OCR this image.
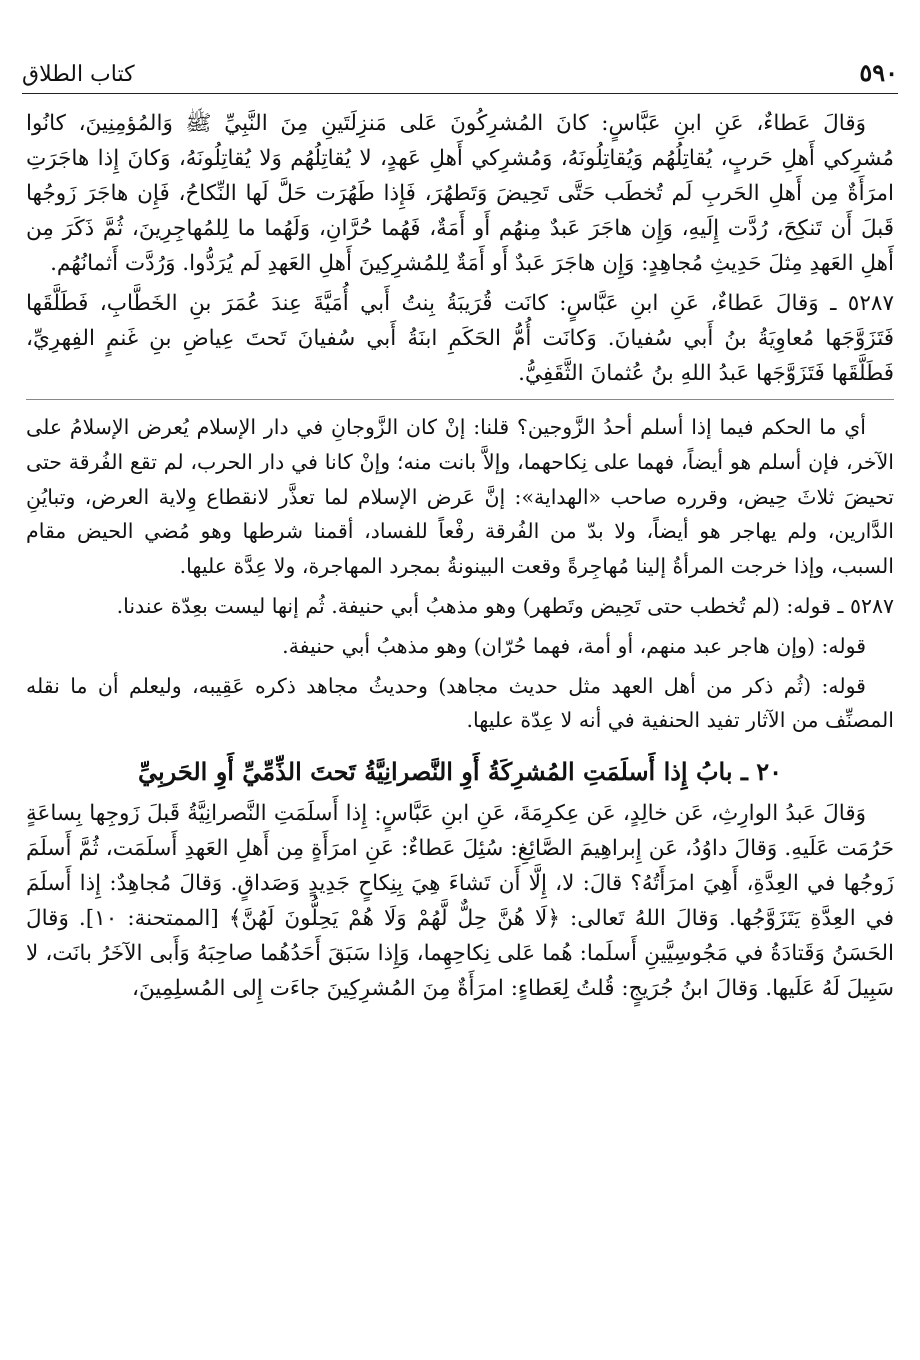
كتاب الطلاق	٥٩٠

وَقالَ عَطاءٌ، عَنِ ابنِ عَبَّاسٍ: كانَ المُشرِكُونَ عَلى مَنزِلَتَينِ مِنَ النَّبِيِّ ﷺ وَالمُؤمِنِينَ، كانُوا مُشرِكي أَهلِ حَربٍ، يُقاتِلُهُم وَيُقاتِلُونَهُ، وَمُشرِكي أَهلِ عَهدٍ، لا يُقاتِلُهُم وَلا يُقاتِلُونَهُ، وَكانَ إِذا هاجَرَتِ امرَأَةٌ مِن أَهلِ الحَربِ لَم تُخطَب حَتَّى تَحِيضَ وَتَطهُرَ، فَإِذا طَهُرَت حَلَّ لَها النِّكاحُ، فَإِن هاجَرَ زَوجُها قَبلَ أَن تَنكِحَ، رُدَّت إِلَيهِ، وَإِن هاجَرَ عَبدٌ مِنهُم أَو أَمَةٌ، فَهُما حُرَّانِ، وَلَهُما ما لِلمُهاجِرِينَ، ثُمَّ ذَكَرَ مِن أَهلِ العَهدِ مِثلَ حَدِيثِ مُجاهِدٍ: وَإِن هاجَرَ عَبدٌ أَو أَمَةٌ لِلمُشرِكِينَ أَهلِ العَهدِ لَم يُرَدُّوا. وَرُدَّت أَثمانُهُم.

٥٢٨٧ ـ وَقالَ عَطاءٌ، عَنِ ابنِ عَبَّاسٍ: كانَت قُرَيبَةُ بِنتُ أَبي أُمَيَّةَ عِندَ عُمَرَ بنِ الخَطَّابِ، فَطَلَّقَها فَتَزَوَّجَها مُعاوِيَةُ بنُ أَبي سُفيانَ. وَكانَت أُمُّ الحَكَمِ ابنَةُ أَبي سُفيانَ تَحتَ عِياضِ بنِ غَنمٍ الفِهرِيِّ، فَطَلَّقَها فَتَزَوَّجَها عَبدُ اللهِ بنُ عُثمانَ الثَّقَفِيُّ.

أي ما الحكم فيما إذا أسلم أحدُ الزَّوجين؟ قلنا: إنْ كان الزَّوجانِ في دار الإسلام يُعرض الإسلامُ على الآخر، فإن أسلم هو أيضاً، فهما على نِكاحهما، وإلاَّ بانت منه؛ وإنْ كانا في دار الحرب، لم تقع الفُرقة حتى تحيضَ ثلاثَ حِيض، وقرره صاحب «الهداية»: إنَّ عَرض الإسلام لما تعذَّر لانقطاع وِلاية العرض، وتبايُنِ الدَّارين، ولم يهاجر هو أيضاً، ولا بدّ من الفُرقة رفْعاً للفساد، أقمنا شرطها وهو مُضي الحيض مقام السبب، وإذا خرجت المرأةُ إلينا مُهاجِرةً وقعت البينونةُ بمجرد المهاجرة، ولا عِدَّة عليها.

٥٢٨٧ ـ قوله: (لم تُخطب حتى تَحِيض وتَطهر) وهو مذهبُ أبي حنيفة. ثُم إنها ليست بعِدّة عندنا.

قوله: (وإن هاجر عبد منهم، أو أمة، فهما حُرّان) وهو مذهبُ أبي حنيفة.

قوله: (ثُم ذكر من أهل العهد مثل حديث مجاهد) وحديثُ مجاهد ذكره عَقِيبه، وليعلم أن ما نقله المصنِّف من الآثار تفيد الحنفية في أنه لا عِدّة عليها.

٢٠ ـ بابُ إِذا أَسلَمَتِ المُشرِكَةُ أَوِ النَّصرانِيَّةُ تَحتَ الذِّمِّيِّ أَوِ الحَربِيِّ

وَقالَ عَبدُ الوارِثِ، عَن خالِدٍ، عَن عِكرِمَةَ، عَنِ ابنِ عَبَّاسٍ: إِذا أَسلَمَتِ النَّصرانِيَّةُ قَبلَ زَوجِها بِساعَةٍ حَرُمَت عَلَيهِ. وَقالَ داوُدُ، عَن إِبراهِيمَ الصَّائِغِ: سُئِلَ عَطاءٌ: عَنِ امرَأَةٍ مِن أَهلِ العَهدِ أَسلَمَت، ثُمَّ أَسلَمَ زَوجُها في العِدَّةِ، أَهِيَ امرَأَتُهُ؟ قالَ: لا، إِلَّا أَن تَشاءَ هِيَ بِنِكاحٍ جَدِيدٍ وَصَداقٍ. وَقالَ مُجاهِدٌ: إِذا أَسلَمَ في العِدَّةِ يَتَزَوَّجُها. وَقالَ اللهُ تَعالى: ﴿لَا هُنَّ حِلٌّ لَّهُمْ وَلَا هُمْ يَحِلُّونَ لَهُنَّ﴾ [الممتحنة: ١٠]. وَقالَ الحَسَنُ وَقَتادَةُ في مَجُوسِيَّينِ أَسلَما: هُما عَلى نِكاحِهِما، وَإِذا سَبَقَ أَحَدُهُما صاحِبَهُ وَأَبى الآخَرُ بانَت، لا سَبِيلَ لَهُ عَلَيها. وَقالَ ابنُ جُرَيجٍ: قُلتُ لِعَطاءٍ: امرَأَةٌ مِنَ المُشرِكِينَ جاءَت إِلى المُسلِمِينَ،
